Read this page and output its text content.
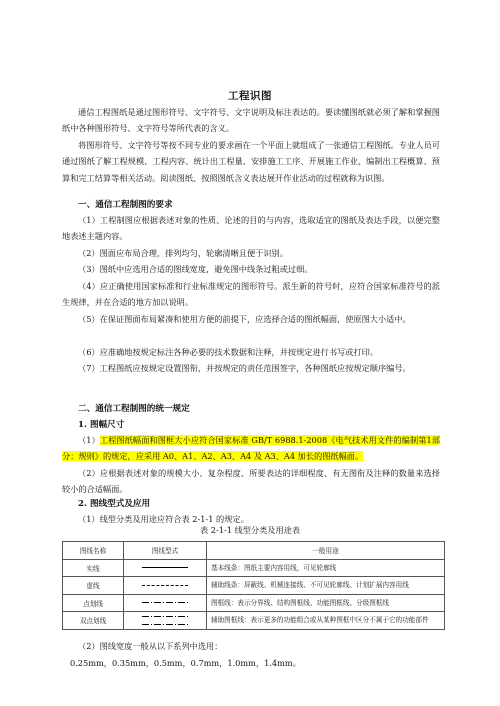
工程识图
通信工程图纸是通过图形符号、文字符号、文字说明及标注表达的。要读懂图纸就必须了解和掌握图纸中各种图形符号、文字符号等所代表的含义。
将图形符号、文字符号等按不同专业的要求画在一个平面上就组成了一张通信工程图纸。专业人员可通过图纸了解工程规模、工程内容、统计出工程量、安排施工工序、开展施工作业、编制出工程概算、预算和完工结算等相关活动。阅读图纸、按照图纸含义表达展开作业活动的过程就称为识图。
一、通信工程制图的要求
（1）工程制图应根据表述对象的性质、论述的目的与内容，选取适宜的图纸及表达手段，以便完整地表述主题内容。
（2）图面应布局合理，排列均匀，轮廓清晰且便于识别。
（3）图纸中应选用合适的图线宽度，避免图中线条过粗或过细。
（4）应正确使用国家标准和行业标准规定的图形符号。派生新的符号时，应符合国家标准符号的派生规律，并在合适的地方加以说明。
（5）在保证图面布局紧凑和使用方便的前提下，应选择合适的图纸幅面，使原图大小适中。
（6）应准确地按规定标注各种必要的技术数据和注释，并按规定进行书写或打印。
（7）工程图纸应按规定设置图衔，并按规定的责任范围签字，各种图纸应按规定顺序编号。
二、通信工程制图的统一规定
1. 图幅尺寸
（1）工程图纸幅面和图框大小应符合国家标准 GB/T 6988.1-2008《电气技术用文件的编制第1部分：规则》的规定，应采用 A0、A1、A2、A3、A4 及 A3、A4 加长的图纸幅面。
（2）应根据表述对象的规模大小、复杂程度、所要表达的详细程度、有无图衔及注释的数量来选择较小的合适幅面。
2. 图线型式及应用
（1）线型分类及用途应符合表 2-1-1 的规定。
表 2-1-1 线型分类及用途表
图线名称	图线型式	一般用途
实线		基本线条：图纸主要内容用线，可见轮廓线
虚线		辅助线条：屏蔽线、机械连接线、不可见轮廓线、计划扩展内容用线
点划线		图框线：表示分界线、结构图框线、功能图框线、分级图框线
双点划线		辅助图框线：表示更多的功能组合或从某种图框中区分不属于它的功能部件
（2）图线宽度一般从以下系列中选用：
0.25mm，0.35mm，0.5mm，0.7mm，1.0mm，1.4mm。
